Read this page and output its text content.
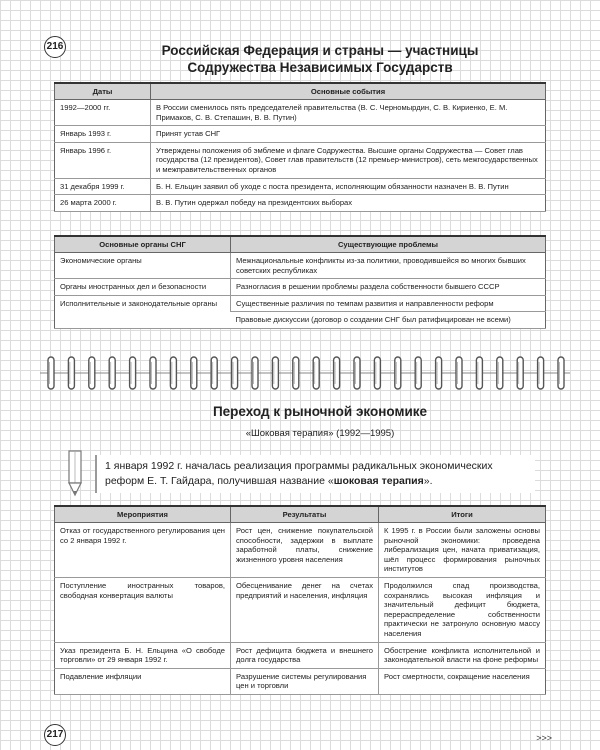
216	Российская Федерация и страны — участницы
Содружества Независимых Государств
Даты	Основные события
1992—2000 гг.	В России сменилось пять председателей правительства (В. С. Черномырдин, С. В. Кириенко, Е. М. Примаков, С. В. Степашин, В. В. Путин)
Январь 1993 г.	Принят устав СНГ
Январь 1996 г.	Утверждены положения об эмблеме и флаге Содружества. Высшие органы Содружества — Совет глав государства (12 президентов), Совет глав правительств (12 премьер-министров), сеть межгосударственных и межправительственных органов
31 декабря 1999 г.	Б. Н. Ельцин заявил об уходе с поста президента, исполняющим обязанности назначен В. В. Путин
26 марта 2000 г.	В. В. Путин одержал победу на президентских выборах
Основные органы СНГ	Существующие проблемы
Экономические органы	Межнациональные конфликты из-за политики, проводившейся во многих бывших советских республиках
Органы иностранных дел и безопасности	Разногласия в решении проблемы раздела собственности бывшего СССР
Исполнительные и законодательные органы	Существенные различия по темпам развития и направленности реформ
	Правовые дискуссии (договор о создании СНГ был ратифицирован не всеми)
Переход к рыночной экономике
«Шоковая терапия» (1992—1995)
1 января 1992 г. началась реализация программы радикальных экономических реформ Е. Т. Гайдара, получившая название «шоковая терапия».
Мероприятия	Результаты	Итоги
Отказ от государственного регулирования цен со 2 января 1992 г.	Рост цен, снижение покупательской способности, задержки в выплате заработной платы, снижение жизненного уровня населения	К 1995 г. в России были заложены основы рыночной экономики: проведена либерализация цен, начата приватизация, шёл процесс формирования рыночных институтов
Поступление иностранных товаров, свободная конвертация валюты	Обесценивание денег на счетах предприятий и населения, инфляция	Продолжился спад производства, сохранялись высокая инфляция и значительный дефицит бюджета, перераспределение собственности практически не затронуло основную массу населения
Указ президента Б. Н. Ельцина «О свободе торговли» от 29 января 1992 г.	Рост дефицита бюджета и внешнего долга государства	Обострение конфликта исполнительной и законодательной власти на фоне реформы
Подавление инфляции	Разрушение системы регулирования цен и торговли	Рост смертности, сокращение населения
217	>>>
